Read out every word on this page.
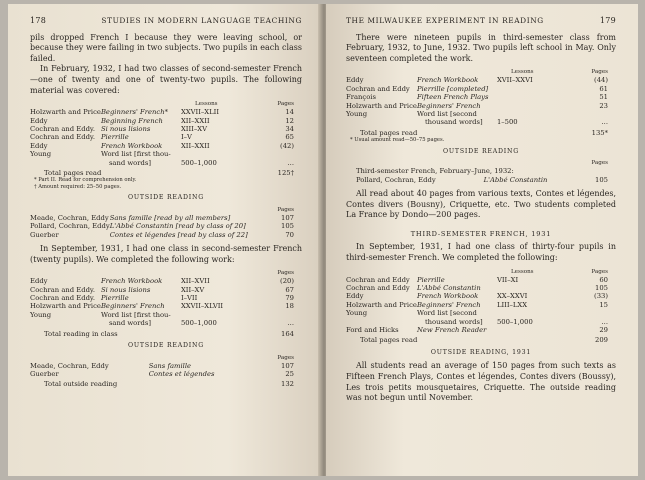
178	STUDIES IN MODERN LANGUAGE TEACHING

pils dropped French I because they were leaving school, or because they were failing in two subjects. Two pupils in each class failed.

In February, 1932, I had two classes of second-semester French —one of twenty and one of twenty-two pupils. The following material was covered:

		Lessons	Pages
Holzwarth and Price	Beginners' French*	XXVII–XLII	14
Eddy	Beginning French	XII–XXII	12
Cochran and Eddy.	Si nous lisions	XIII–XV	34
Cochran and Eddy.	Pierrille	I–V	65
Eddy	French Workbook	XII–XXII	(42)
Young	Word list [first thou-		
	sand words]	500–1,000	...
Total pages read			125†
* Part II. Read for comprehension only.
† Amount required: 25–50 pages.
OUTSIDE READING
		Pages
Meade, Cochran, Eddy	Sans famille [read by all members]	107
Pollard, Cochran, Eddy	L'Abbé Constantin [read by class of 20]	105
Guerber	Contes et légendes [read by class of 22]	70

In September, 1931, I had one class in second-semester French (twenty pupils). We completed the following work:

			Pages
Eddy	French Workbook	XII–XVII	(20)
Cochran and Eddy.	Si nous lisions	XII–XV	67
Cochran and Eddy.	Pierrille	I–VII	79
Holzwarth and Price	Beginners' French	XXVII–XLVII	18
Young	Word list [first thou-		
	sand words]	500–1,000	...
Total reading in class			164
OUTSIDE READING
		Pages
Meade, Cochran, Eddy	Sans famille	107
Guerber	Contes et légendes	25
Total outside reading		132
THE MILWAUKEE EXPERIMENT IN READING	179

There were nineteen pupils in third-semester class from February, 1932, to June, 1932. Two pupils left school in May. Only seventeen completed the work.

		Lessons	Pages
Eddy	French Workbook	XVII–XXVI	(44)
Cochran and Eddy	Pierrille [completed]		61
François	Fifteen French Plays		51
Holzwarth and Price	Beginners' French		23
Young	Word list [second		
	thousand words]	1–500	...
Total pages read			135*
* Usual amount read—50–75 pages.
OUTSIDE READING
		Pages
Third-semester French, February–June, 1932:		
Pollard, Cochran, Eddy	L'Abbé Constantin	105

All read about 40 pages from various texts, Contes et légendes, Contes divers (Bousny), Criquette, etc. Two students completed La France by Dondo—200 pages.

THIRD-SEMESTER FRENCH, 1931

In September, 1931, I had one class of thirty-four pupils in third-semester French. We completed the following:

		Lessons	Pages
Cochran and Eddy	Pierrille	VII–XI	60
Cochran and Eddy	L'Abbé Constantin		105
Eddy	French Workbook	XX–XXVI	(33)
Holzwarth and Price	Beginners' French	LIII–LXX	15
Young	Word list [second		
	thousand words]	500–1,000	...
Ford and Hicks	New French Reader		29
Total pages read			209
OUTSIDE READING, 1931

All students read an average of 150 pages from such texts as Fifteen French Plays, Contes et légendes, Contes divers (Boussy), Les trois petits mousquetaires, Criquette. The outside reading was not begun until November.
